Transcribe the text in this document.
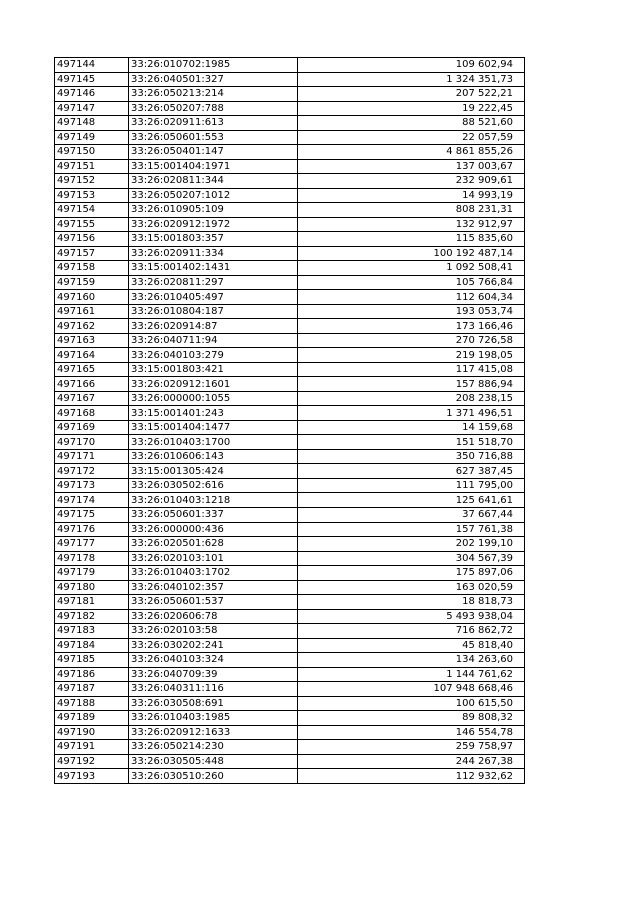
497144	33:26:010702:1985	109 602,94
497145	33:26:040501:327	1 324 351,73
497146	33:26:050213:214	207 522,21
497147	33:26:050207:788	19 222,45
497148	33:26:020911:613	88 521,60
497149	33:26:050601:553	22 057,59
497150	33:26:050401:147	4 861 855,26
497151	33:15:001404:1971	137 003,67
497152	33:26:020811:344	232 909,61
497153	33:26:050207:1012	14 993,19
497154	33:26:010905:109	808 231,31
497155	33:26:020912:1972	132 912,97
497156	33:15:001803:357	115 835,60
497157	33:26:020911:334	100 192 487,14
497158	33:15:001402:1431	1 092 508,41
497159	33:26:020811:297	105 766,84
497160	33:26:010405:497	112 604,34
497161	33:26:010804:187	193 053,74
497162	33:26:020914:87	173 166,46
497163	33:26:040711:94	270 726,58
497164	33:26:040103:279	219 198,05
497165	33:15:001803:421	117 415,08
497166	33:26:020912:1601	157 886,94
497167	33:26:000000:1055	208 238,15
497168	33:15:001401:243	1 371 496,51
497169	33:15:001404:1477	14 159,68
497170	33:26:010403:1700	151 518,70
497171	33:26:010606:143	350 716,88
497172	33:15:001305:424	627 387,45
497173	33:26:030502:616	111 795,00
497174	33:26:010403:1218	125 641,61
497175	33:26:050601:337	37 667,44
497176	33:26:000000:436	157 761,38
497177	33:26:020501:628	202 199,10
497178	33:26:020103:101	304 567,39
497179	33:26:010403:1702	175 897,06
497180	33:26:040102:357	163 020,59
497181	33:26:050601:537	18 818,73
497182	33:26:020606:78	5 493 938,04
497183	33:26:020103:58	716 862,72
497184	33:26:030202:241	45 818,40
497185	33:26:040103:324	134 263,60
497186	33:26:040709:39	1 144 761,62
497187	33:26:040311:116	107 948 668,46
497188	33:26:030508:691	100 615,50
497189	33:26:010403:1985	89 808,32
497190	33:26:020912:1633	146 554,78
497191	33:26:050214:230	259 758,97
497192	33:26:030505:448	244 267,38
497193	33:26:030510:260	112 932,62
